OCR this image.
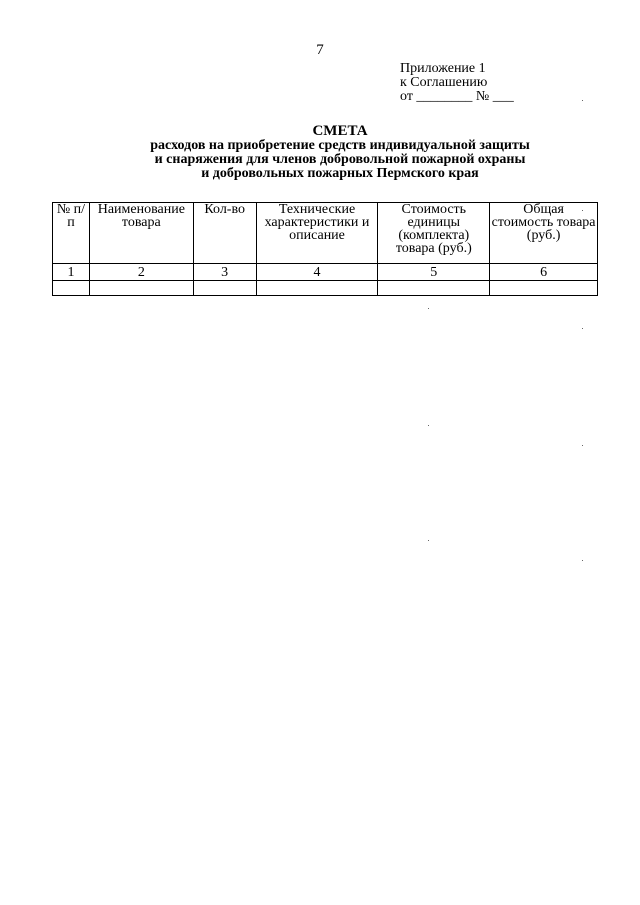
7
Приложение 1
к Соглашению
от ________ № ___
СМЕТА
расходов на приобретение средств индивидуальной защиты
и снаряжения для членов добровольной пожарной охраны
и добровольных пожарных Пермского края
№ п/п	Наименование товара	Кол-во	Технические характеристики и описание	Стоимость единицы (комплекта) товара (руб.)	Общая стоимость товара (руб.)
1	2	3	4	5	6
